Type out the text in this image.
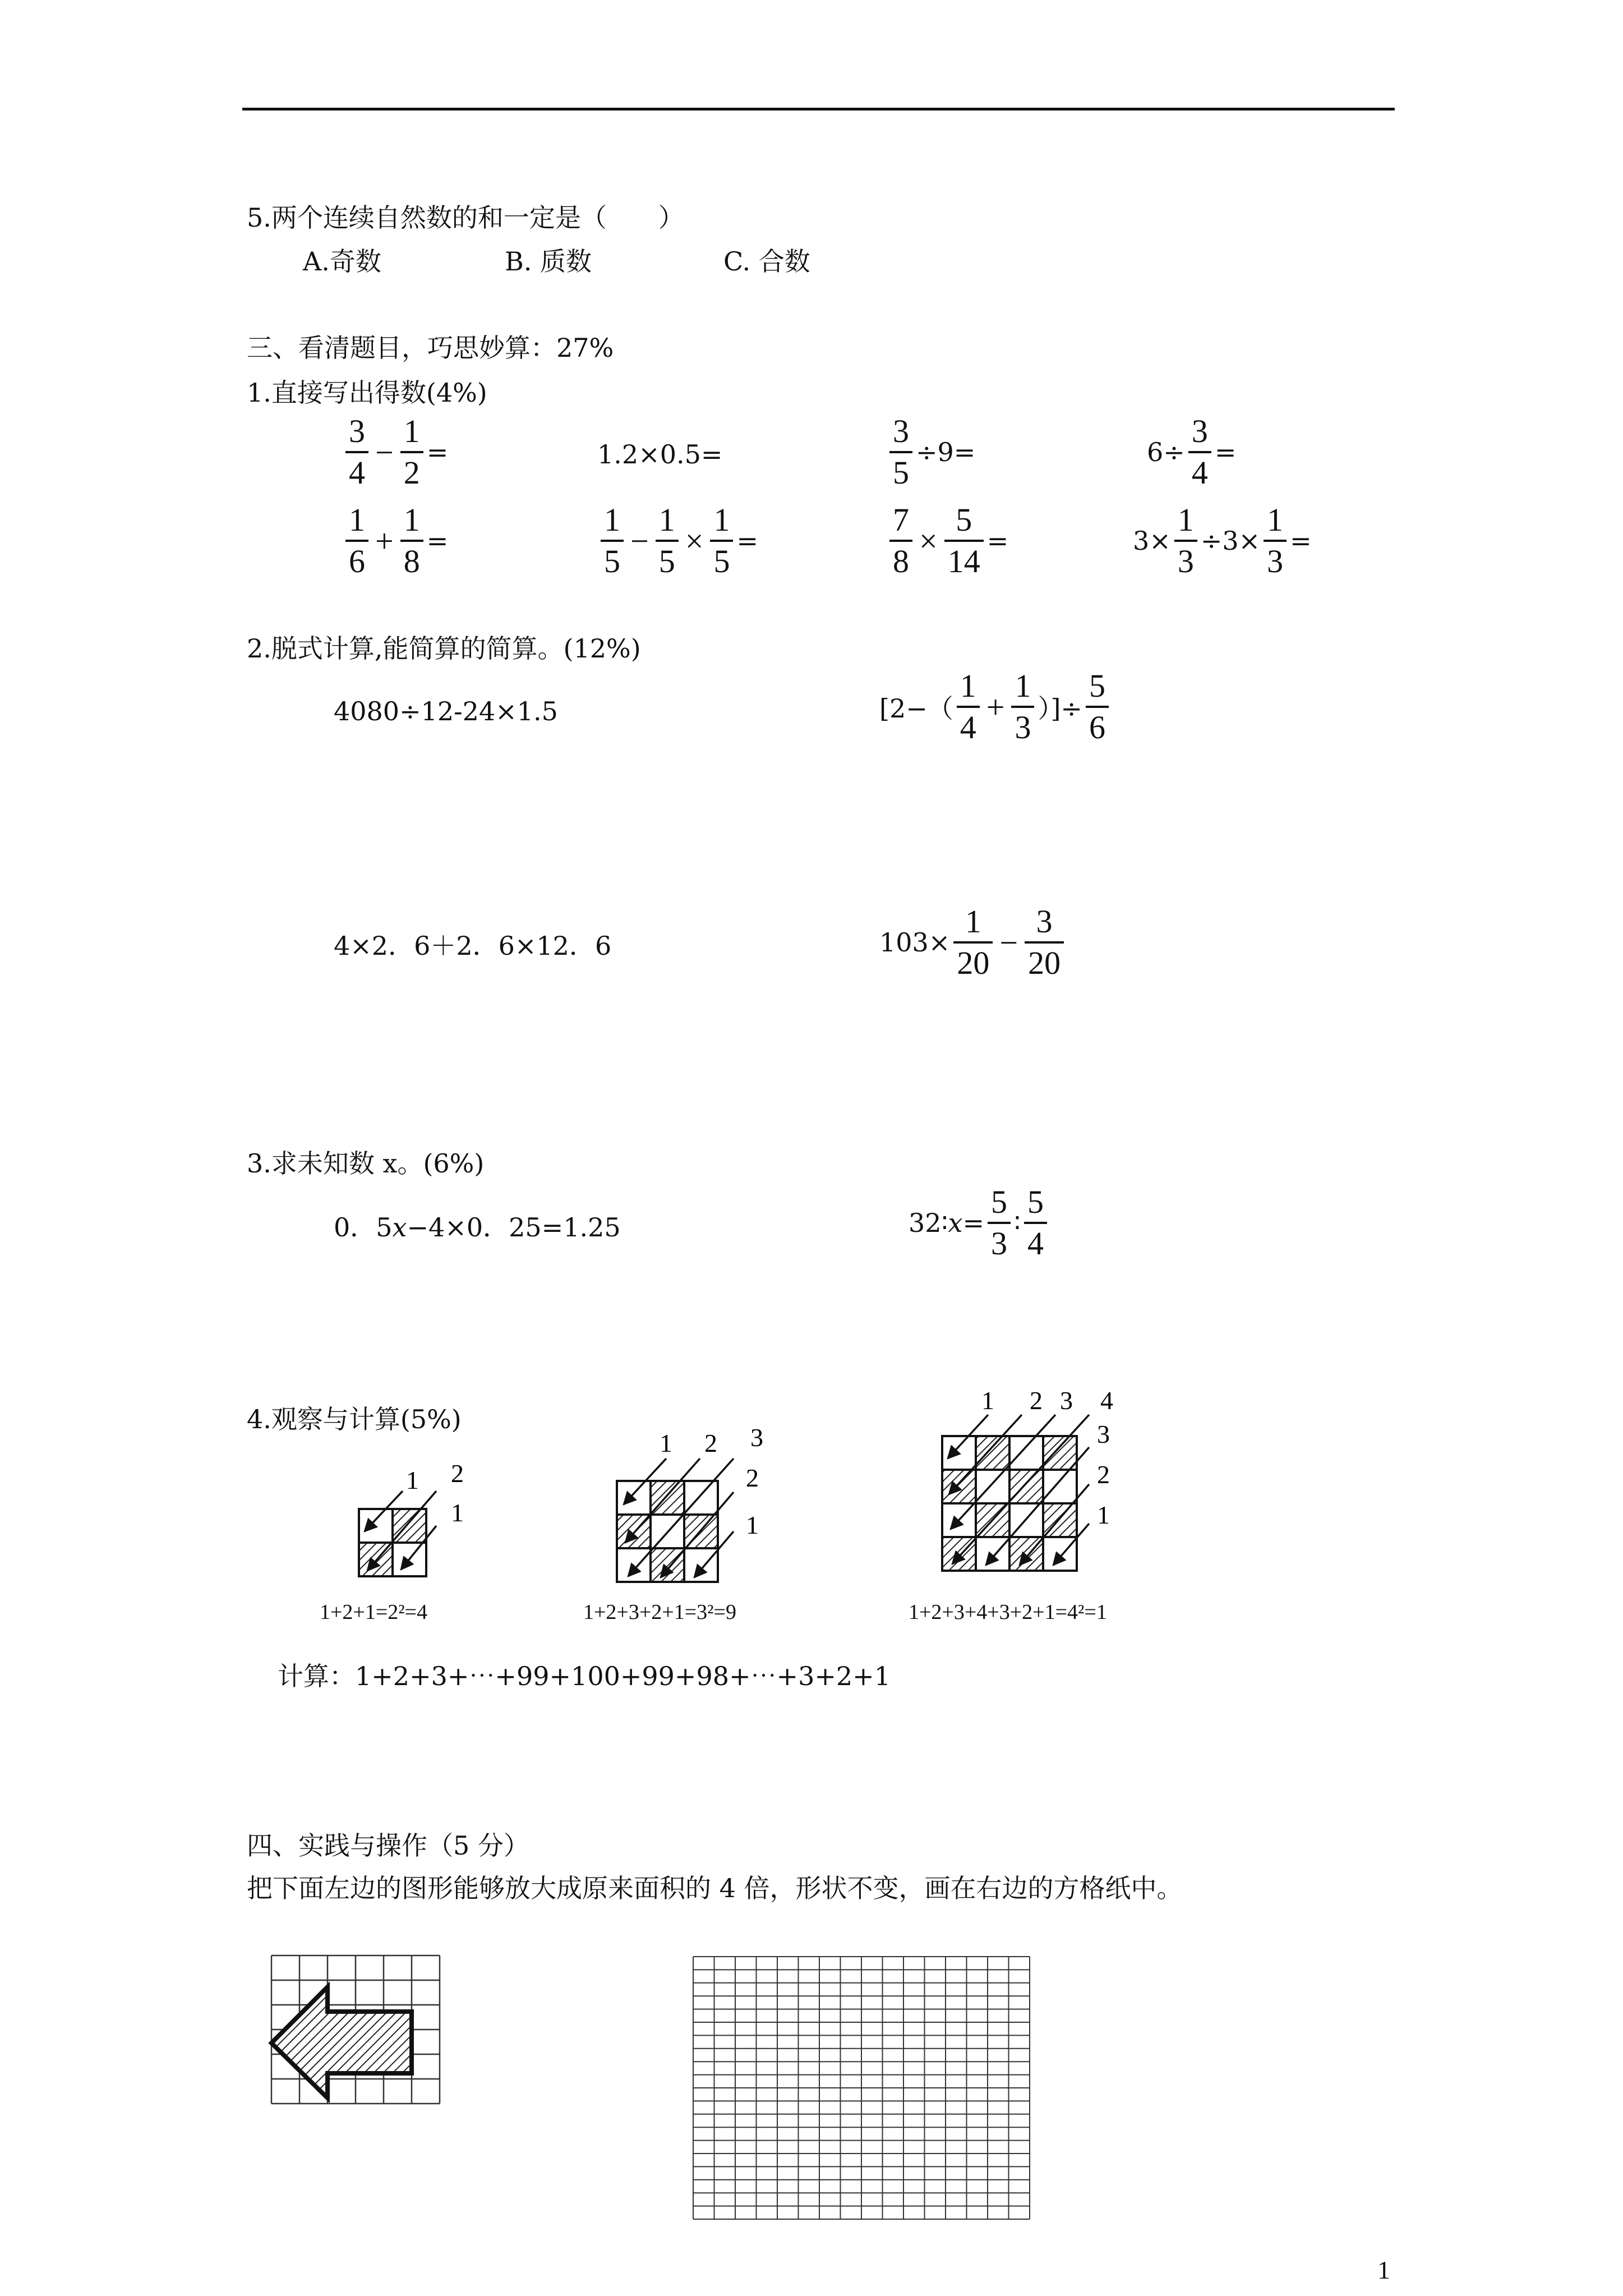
5.两个连续自然数的和一定是（　　）
A.奇数	B. 质数	C. 合数
三、看清题目，巧思妙算：27%
1.直接写出得数(4%)
$\frac{3}{4} - \frac{1}{2}$ =	1.2×0.5=	$\frac{3}{5} \div 9=$	$6\div \frac{3}{4}$ =
$\frac{1}{6} + \frac{1}{8}$ =	$\frac{1}{5} - \frac{1}{5} \times \frac{1}{5}$ =	$\frac{7}{8} \times \frac{5}{14}$ =	$3\times \frac{1}{3} \div 3\times \frac{1}{3}$ =
2.脱式计算,能简算的简算。(12%)
4080÷12-24×1.5	[$2-( \frac{1}{4} + \frac{1}{3}$ ）]÷ $\frac{5}{6}$
4×2．6＋2．6×12．6	$103\times \frac{1}{20} - \frac{3}{20}$
3.求未知数 x。(6%)
0．5x−4×0．25=1.25	32∶x= $\frac{5}{3}$ ∶ $\frac{5}{4}$
4.观察与计算(5%)
1 2
1
1+2+1=2²=4
1 2 3
2
1
1+2+3+2+1=3²=9
1 2 3 4
3
2
1
1+2+3+4+3+2+1=4²=1
计算：1+2+3+⋯+99+100+99+98+⋯+3+2+1
四、实践与操作（5 分）
把下面左边的图形能够放大成原来面积的 4 倍，形状不变，画在右边的方格纸中。
1
